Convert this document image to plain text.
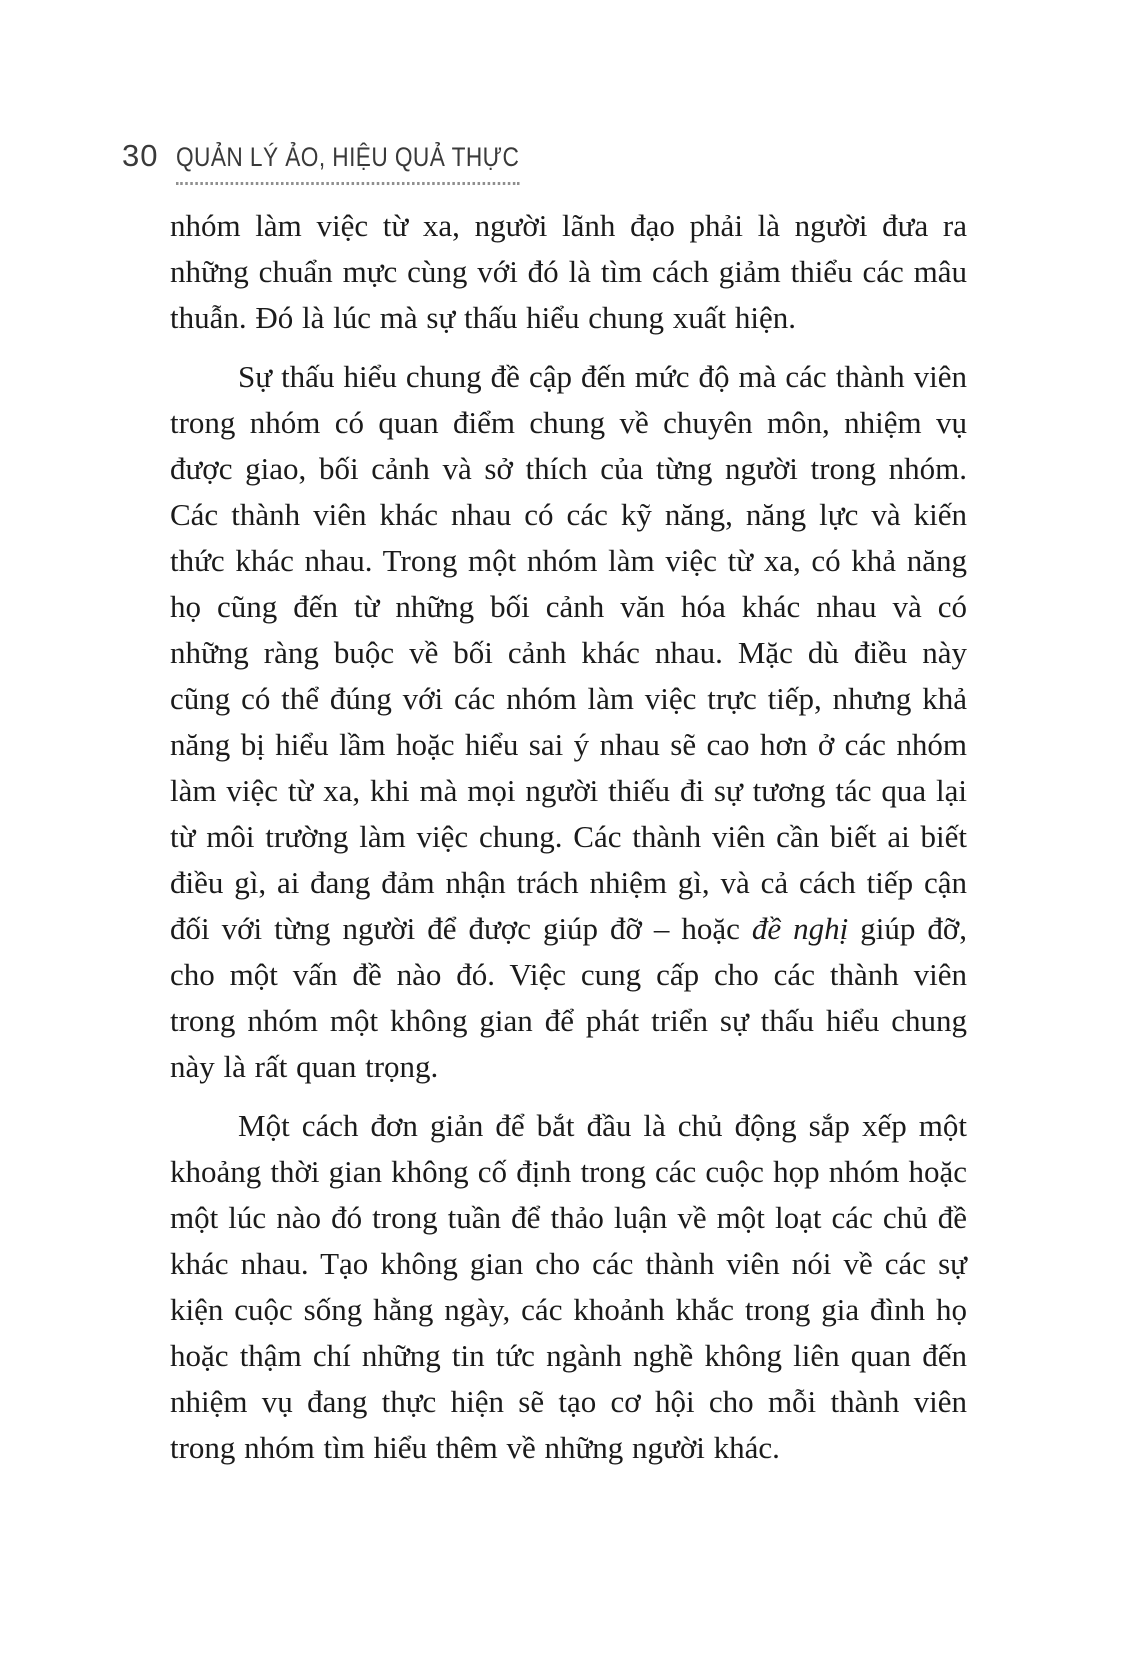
30 QUẢN LÝ ẢO, HIỆU QUẢ THỰC

nhóm làm việc từ xa, người lãnh đạo phải là người đưa ra những chuẩn mực cùng với đó là tìm cách giảm thiểu các mâu thuẫn. Đó là lúc mà sự thấu hiểu chung xuất hiện.

Sự thấu hiểu chung đề cập đến mức độ mà các thành viên trong nhóm có quan điểm chung về chuyên môn, nhiệm vụ được giao, bối cảnh và sở thích của từng người trong nhóm. Các thành viên khác nhau có các kỹ năng, năng lực và kiến thức khác nhau. Trong một nhóm làm việc từ xa, có khả năng họ cũng đến từ những bối cảnh văn hóa khác nhau và có những ràng buộc về bối cảnh khác nhau. Mặc dù điều này cũng có thể đúng với các nhóm làm việc trực tiếp, nhưng khả năng bị hiểu lầm hoặc hiểu sai ý nhau sẽ cao hơn ở các nhóm làm việc từ xa, khi mà mọi người thiếu đi sự tương tác qua lại từ môi trường làm việc chung. Các thành viên cần biết ai biết điều gì, ai đang đảm nhận trách nhiệm gì, và cả cách tiếp cận đối với từng người để được giúp đỡ – hoặc đề nghị giúp đỡ, cho một vấn đề nào đó. Việc cung cấp cho các thành viên trong nhóm một không gian để phát triển sự thấu hiểu chung này là rất quan trọng.

Một cách đơn giản để bắt đầu là chủ động sắp xếp một khoảng thời gian không cố định trong các cuộc họp nhóm hoặc một lúc nào đó trong tuần để thảo luận về một loạt các chủ đề khác nhau. Tạo không gian cho các thành viên nói về các sự kiện cuộc sống hằng ngày, các khoảnh khắc trong gia đình họ hoặc thậm chí những tin tức ngành nghề không liên quan đến nhiệm vụ đang thực hiện sẽ tạo cơ hội cho mỗi thành viên trong nhóm tìm hiểu thêm về những người khác.
